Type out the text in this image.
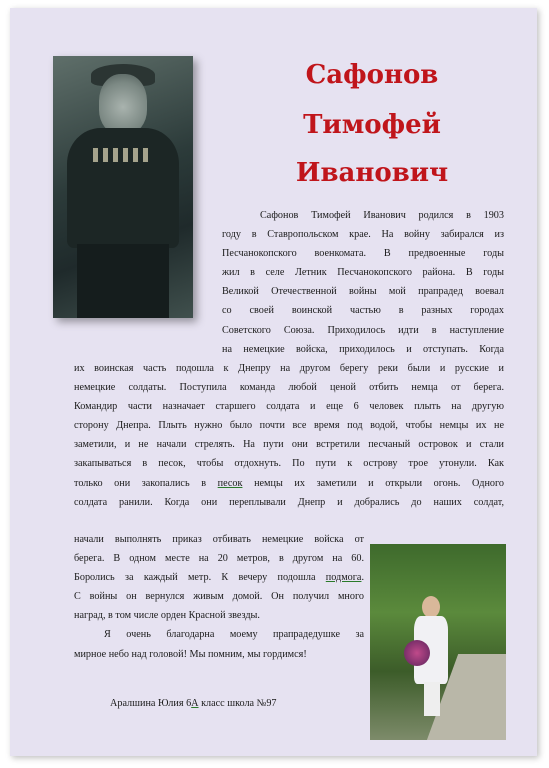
Сафонов
Тимофей
Иванович
Сафонов Тимофей Иванович родился в 1903
году в Ставропольском крае. На войну забирался из
Песчанокопского военкомата. В предвоенные годы
жил в селе Летник Песчанокопского района. В годы
Великой Отечественной войны мой прапрадед воевал
со своей воинской частью в разных городах
Советского Союза. Приходилось идти в наступление
на немецкие войска, приходилось и отступать. Когда
их воинская часть подошла к Днепру на другом берегу реки были и русские и
немецкие солдаты. Поступила команда любой ценой отбить немца от берега.
Командир части назначает старшего солдата и еще 6 человек плыть на другую
сторону Днепра. Плыть нужно было почти все время под водой, чтобы немцы их не
заметили, и не начали стрелять. На пути они встретили песчаный островок и стали
закапываться в песок, чтобы отдохнуть. По пути к острову трое утонули. Как
только они закопались в песок немцы их заметили и открыли огонь. Одного
солдата ранили. Когда они переплывали Днепр и добрались до наших солдат,
начали выполнять приказ отбивать немецкие войска от
берега. В одном месте на 20 метров, в другом на 60.
Боролись за каждый метр. К вечеру подошла подмога.
С войны он вернулся живым домой. Он получил много
наград, в том числе орден Красной звезды.
Я очень благодарна моему прапрадедушке за
мирное небо над головой! Мы помним, мы гордимся!
Аралшина Юлия 6А класс школа №97
